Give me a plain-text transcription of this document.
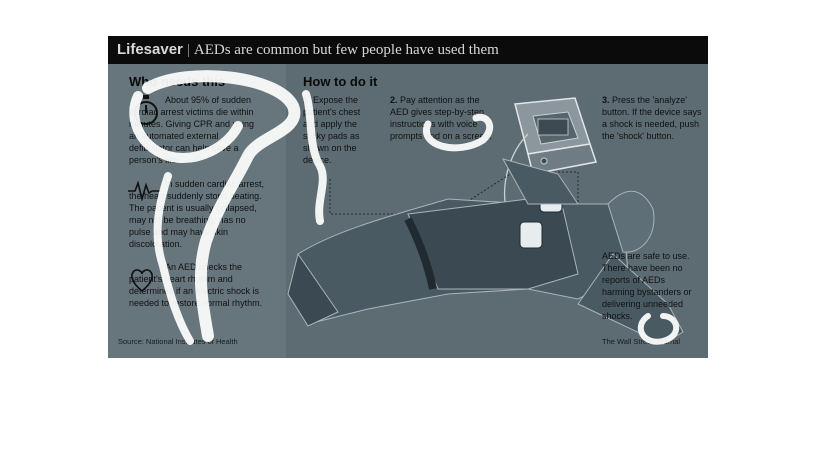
Lifesaver | AEDs are common but few people have used them
Who needs this
About 95% of sudden cardiac arrest victims die within minutes. Giving CPR and using an automated external defibrillator can help save a person's life.
In sudden cardiac arrest, the heart suddenly stops beating. The patient is usually collapsed, may not be breathing, has no pulse and may have skin discoloration.
An AED checks the patient's heart rhythm and determines if an electric shock is needed to restore normal rhythm.
How to do it
1. Expose the patient's chest and apply the sticky pads as shown on the device.
2. Pay attention as the AED gives step-by-step instructions with voice prompts and on a screen.
3. Press the 'analyze' button. If the device says a shock is needed, push the 'shock' button.
AEDs are safe to use. There have been no reports of AEDs harming bystanders or delivering unneeded shocks.
Source: National Institutes of Health	The Wall Street Journal
